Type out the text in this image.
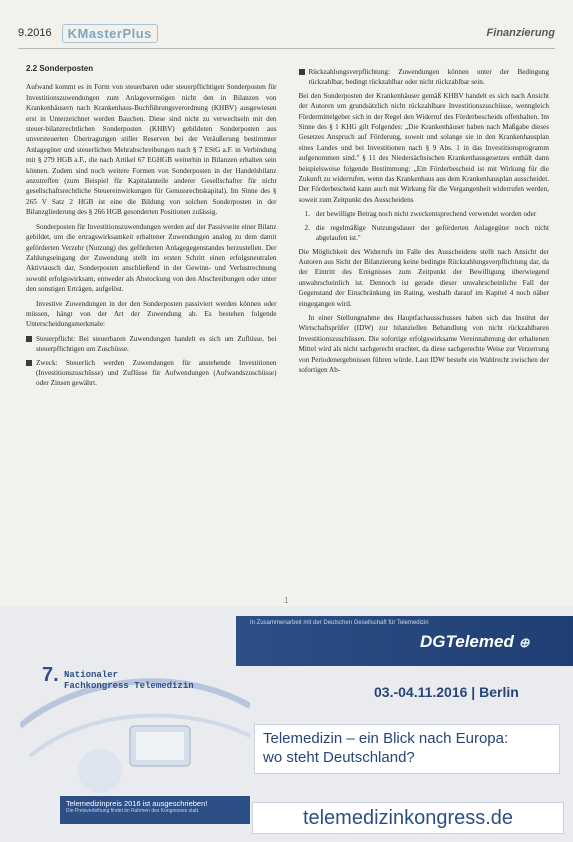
9.2016	KMasterPlus	Finanzierung
2.2 Sonderposten

Aufwand kommt es in Form von steuerbaren oder steuerpflichtigen Sonderposten für Investitionszuwendungen zum Anlagevermögen nicht den in Bilanzen von Krankenhäusern nach Krankenhaus-Buchführungsverordnung (KHBV) ausgewiesen erst in Unterzeichnet werden Bauchen. Diese sind nicht zu verwechseln mit den steuer-bilanzrechtlichen Sonderposten (KHBV) gebildeten Sonderposten aus unversteuerten Übertragungen stiller Reserven bei der Veräußerung bestimmter Anlagegüter und steuerlichen Mehrabschreibungen nach § 7 EStG a.F. in Verbindung mit § 279 HGB a.F., die nach Artikel 67 EGHGB weiterhin in Bilanzen erhalten sein können. Zudem sind noch weitere Formen von Sonderposten in der Handelsbilanz anzutreffen (zum Beispiel für Kapitalanteile anderer Gesellschafter für nicht gesellschaftsrechtliche Steuereinwirkungen für Genussrechtskapital). Im Sinne des § 265 V Satz 2 HGB ist eine die Bildung von solchen Sonderposten in der Bilanzgliederung des § 266 HGB gesonderten Positionen zulässig.

Sonderposten für Investitionszuwendungen werden auf der Passivseite einer Bilanz gebildet, um die ertragswirksamkeit erhaltener Zuwendungen analog zu dem damit geförderten Verzehr (Nutzung) des geförderten Anlagegegenstandes herzustellen. Der Zahlungseingang der Zuwendung stellt im ersten Schritt einen erfolgsneutralen Aktivtausch dar, Sonderposten anschließend in der Gewinn- und Verlustrechnung sowohl erfolgswirksam, entweder als Abstockung von den Abschreibungen oder unter den sonstigen Erträgen, aufgelöst.

Investive Zuwendungen in der den Sonderposten passiviert werden können oder müssen, hängt von der Art der Zuwendung ab. Es bestehen folgende Unterscheidungsmerkmale:

Steuerpflicht: Bei steuerbaren Zuwendungen handelt es sich um Zuflüsse, bei steuerpflichtigen um Zuschüsse.
Zweck: Steuerlich werden Zuwendungen für anstehende Investitionen (Investitionszuschüsse) und Zuflüsse für Aufwendungen (Aufwandszuschüsse) oder Zinsen gewährt.
Rückzahlungsverpflichtung: Zuwendungen können unter der Bedingung rückzahlbar, bedingt rückzahlbar oder nicht rückzahlbar sein.

Bei den Sonderposten der Krankenhäuser gemäß KHBV handelt es sich nach Ansicht der Autoren um grundsätzlich nicht rückzahlbare Investitionszuschüsse, wenngleich Fördermittelgeber sich in der Regel den Widerruf des Förderbescheids offenhalten. Im Sinne des § 1 KHG gilt Folgendes: „Die Krankenhäuser haben nach Maßgabe dieses Gesetzes Anspruch auf Förderung, soweit und solange sie in den Krankenhausplan eines Landes und bei Investitionen nach § 9 Abs. 1 in das Investitionsprogramm aufgenommen sind." § 11 des Niedersächsischen Krankenhausgesetzes enthält dann beispielsweise folgende Bestimmung: „Ein Förderbescheid ist mit Wirkung für die Zukunft zu widerrufen, wenn das Krankenhaus aus dem Krankenhausplan ausscheidet. Der Förderbescheid kann auch mit Wirkung für die Vergangenheit widerrufen werden, soweit zum Zeitpunkt des Ausscheidens

1. der bewilligte Betrag noch nicht zweckentsprechend verwendet worden oder
2. die regelmäßige Nutzungsdauer der geförderten Anlagegüter noch nicht abgelaufen ist."

Die Möglichkeit des Widerrufs im Falle des Ausscheidens stellt nach Ansicht der Autoren aus Sicht der Bilanzierung keine bedingte Rückzahlungsverpflichtung dar, da der Eintritt des Ereignisses zum Zeitpunkt der Bewilligung überwiegend unwahrscheinlich ist. Dennoch ist gerade dieser unwahrscheinliche Fall der Gegenstand der Einschränkung im Rating, weshalb darauf im Kapitel 4 noch näher eingegangen wird.

In einer Stellungnahme des Hauptfachausschusses haben sich das Institut der Wirtschaftsprüfer (IDW) zur bilanziellen Behandlung von nicht rückzahlbaren Investitionszuschüssen. Die sofortige erfolgswirksame Vereinnahmung der erhaltenen Mittel wird als nicht sachgerecht erachtet, da diese sachgerechte Weise zur Verzerrung von Periodenergebnissen führen würde. Laut IDW besteht ein Wahlrecht zwischen der sofortigen Ab-

1
In Zusammenarbeit mit der Deutschen Gesellschaft für Telemedizin
DGTelemed ⊕
7. Nationaler
Fachkongress Telemedizin	03.-04.11.2016 | Berlin
Telemedizin – ein Blick nach Europa:
wo steht Deutschland?
Telemedizinpreis 2016 ist ausgeschrieben!
Die Preisverleihung findet im Rahmen des Kongresses statt.	telemedizinkongress.de
